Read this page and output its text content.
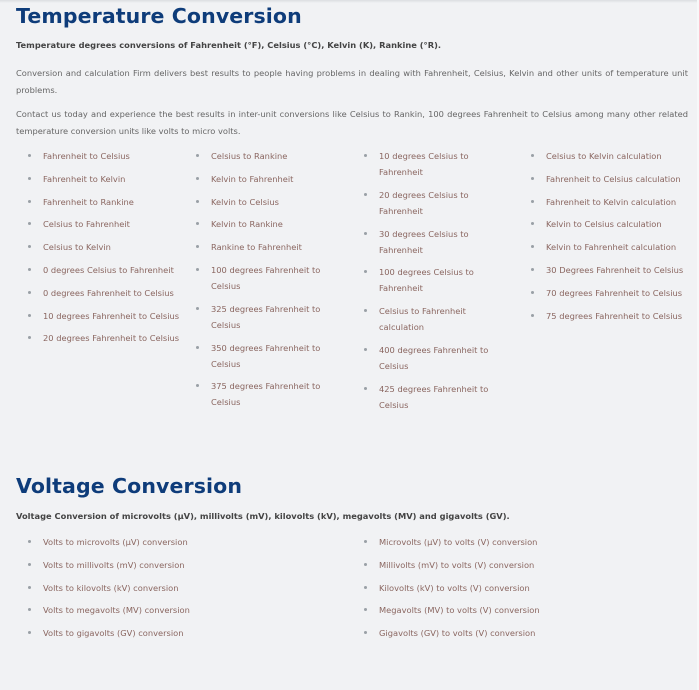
Temperature Conversion

Temperature degrees conversions of Fahrenheit (°F), Celsius (°C), Kelvin (K), Rankine (°R).

Conversion and calculation Firm delivers best results to people having problems in dealing with Fahrenheit, Celsius, Kelvin and other units of temperature unit problems.

Contact us today and experience the best results in inter-unit conversions like Celsius to Rankin, 100 degrees Fahrenheit to Celsius among many other related temperature conversion units like volts to micro volts.

Fahrenheit to Celsius
Fahrenheit to Kelvin
Fahrenheit to Rankine
Celsius to Fahrenheit
Celsius to Kelvin
0 degrees Celsius to Fahrenheit
0 degrees Fahrenheit to Celsius
10 degrees Fahrenheit to Celsius
20 degrees Fahrenheit to Celsius
Celsius to Rankine
Kelvin to Fahrenheit
Kelvin to Celsius
Kelvin to Rankine
Rankine to Fahrenheit
100 degrees Fahrenheit to Celsius
325 degrees Fahrenheit to Celsius
350 degrees Fahrenheit to Celsius
375 degrees Fahrenheit to Celsius
10 degrees Celsius to Fahrenheit
20 degrees Celsius to Fahrenheit
30 degrees Celsius to Fahrenheit
100 degrees Celsius to Fahrenheit
Celsius to Fahrenheit calculation
400 degrees Fahrenheit to Celsius
425 degrees Fahrenheit to Celsius
Celsius to Kelvin calculation
Fahrenheit to Celsius calculation
Fahrenheit to Kelvin calculation
Kelvin to Celsius calculation
Kelvin to Fahrenheit calculation
30 Degrees Fahrenheit to Celsius
70 degrees Fahrenheit to Celsius
75 degrees Fahrenheit to Celsius
Voltage Conversion

Voltage Conversion of microvolts (μV), millivolts (mV), kilovolts (kV), megavolts (MV) and gigavolts (GV).

Volts to microvolts (μV) conversion
Volts to millivolts (mV) conversion
Volts to kilovolts (kV) conversion
Volts to megavolts (MV) conversion
Volts to gigavolts (GV) conversion
Microvolts (μV) to volts (V) conversion
Millivolts (mV) to volts (V) conversion
Kilovolts (kV) to volts (V) conversion
Megavolts (MV) to volts (V) conversion
Gigavolts (GV) to volts (V) conversion
